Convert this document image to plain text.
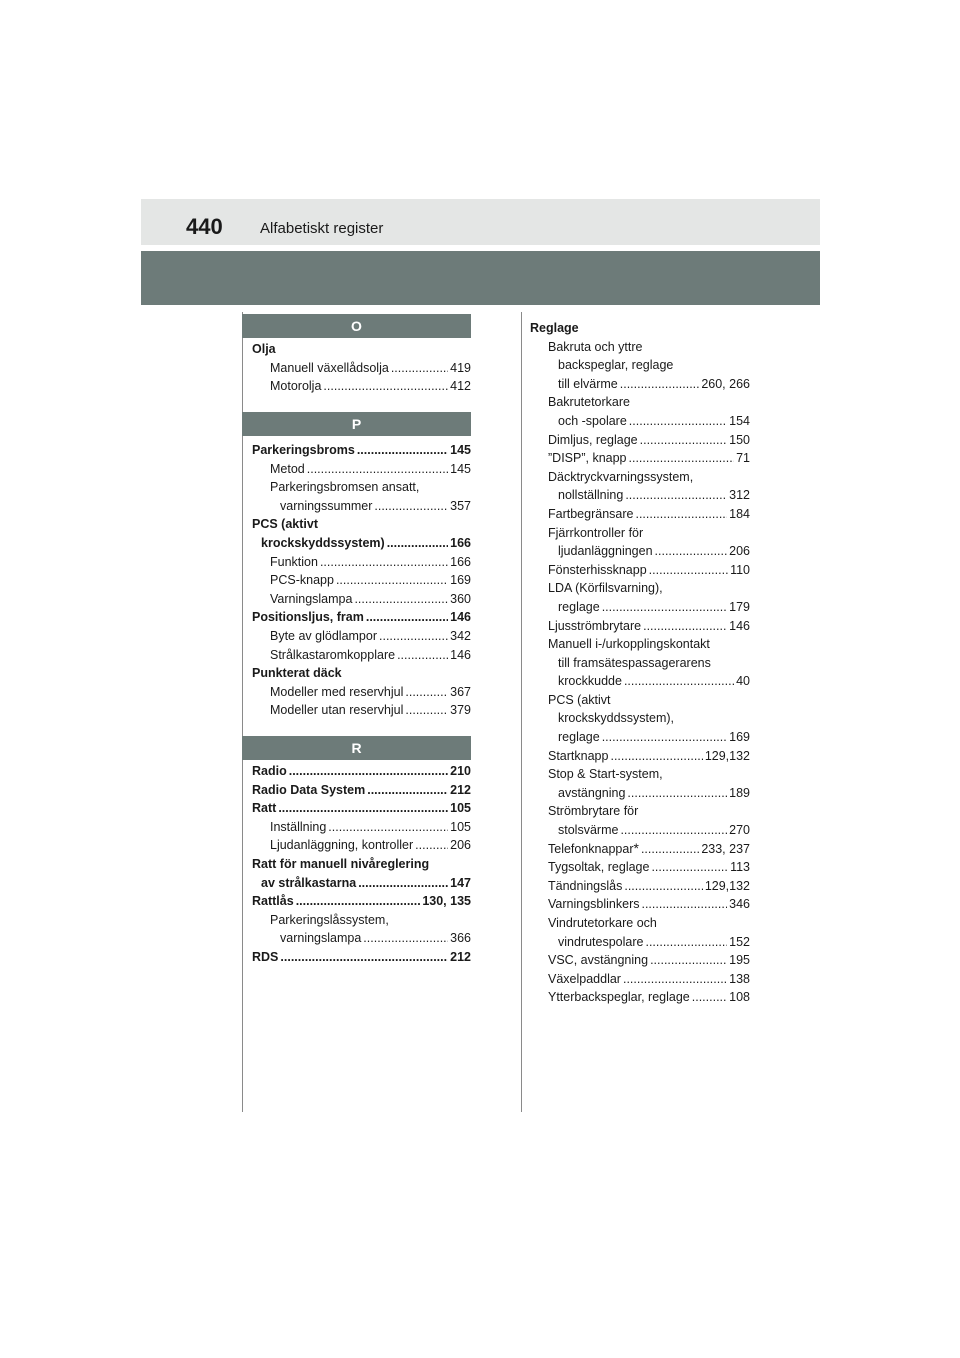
440 Alfabetiskt register
O
Olja
Manuell växellådsolja .....	419
Motorolja .....	412
P
Parkeringsbroms .....	145
Metod .....	145
Parkeringsbromsen ansatt,
varningssummer .....	357
PCS (aktivt
krockskyddssystem) .....	166
Funktion .....	166
PCS-knapp .....	169
Varningslampa .....	360
Positionsljus, fram .....	146
Byte av glödlampor .....	342
Strålkastaromkopplare .....	146
Punkterat däck
Modeller med reservhjul .....	367
Modeller utan reservhjul .....	379
R
Radio .....	210
Radio Data System .....	212
Ratt .....	105
Inställning .....	105
Ljudanläggning, kontroller .....	206
Ratt för manuell nivåreglering
av strålkastarna .....	147
Rattlås .....	130, 135
Parkeringslåssystem,
varningslampa .....	366
RDS .....	212
Reglage
Bakruta och yttre
backspeglar, reglage
till elvärme .....	260, 266
Bakrutetorkare
och -spolare .....	154
Dimljus, reglage .....	150
”DISP”, knapp .....	71
Däcktryckvarningssystem,
nollställning .....	312
Fartbegränsare .....	184
Fjärrkontroller för
ljudanläggningen .....	206
Fönsterhissknapp .....	110
LDA (Körfilsvarning),
reglage .....	179
Ljusströmbrytare .....	146
Manuell i-/urkopplingskontakt
till framsätespassagerarens
krockkudde .....	40
PCS (aktivt
krockskyddssystem),
reglage .....	169
Startknapp .....	129,132
Stop & Start-system,
avstängning .....	189
Strömbrytare för
stolsvärme .....	270
Telefonknappar * .....	233, 237
Tygsoltak, reglage .....	113
Tändningslås .....	129,132
Varningsblinkers .....	346
Vindrutetorkare och
vindrutespolare .....	152
VSC, avstängning .....	195
Växelpaddlar .....	138
Ytterbackspeglar, reglage .....	108
